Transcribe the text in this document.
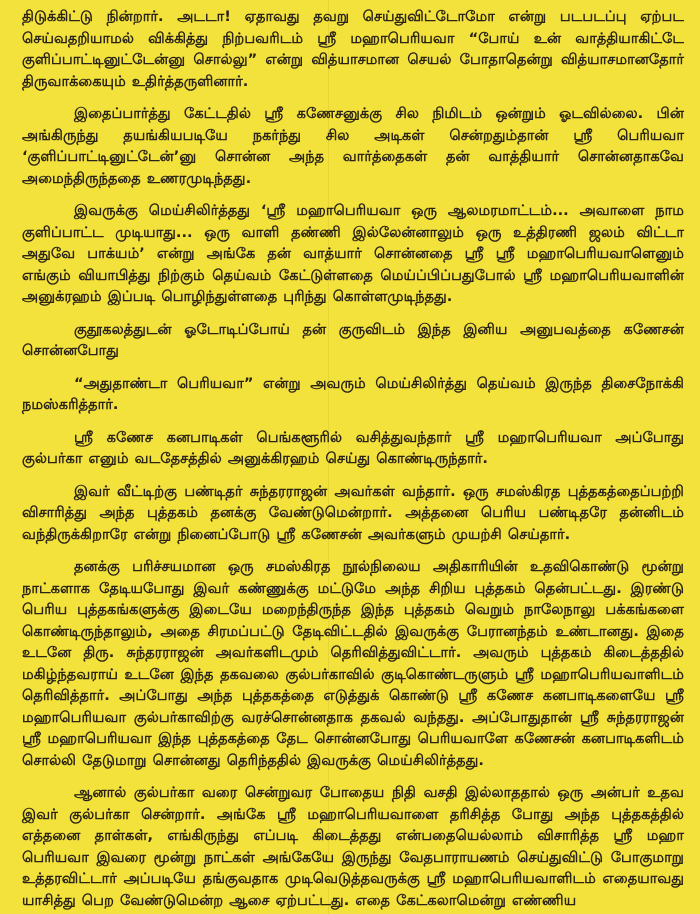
திடுக்கிட்டு நின்றார். அடடா! ஏதாவது தவறு செய்துவிட்டோமோ என்று படபடப்பு ஏற்பட செய்வதறியாமல் விக்கித்து நிற்பவரிடம் ஸ்ரீ மஹாபெரியவா “போய் உன் வாத்தியாகிட்டே குளிப்பாட்டினுட்டேன்னு சொல்லு” என்று வித்யாசமான செயல் போதாதென்று வித்யாசமானதோர் திருவாக்கையும் உதிர்த்தருளினார்.

இதைப்பார்த்து கேட்டதில் ஸ்ரீ கணேசனுக்கு சில நிமிடம் ஒன்றும் ஓடவில்லை. பின் அங்கிருந்து தயங்கியபடியே நகர்ந்து சில அடிகள் சென்றதும்தான் ஸ்ரீ பெரியவா ‘குளிப்பாட்டினுட்டேன்’னு சொன்ன அந்த வார்த்தைகள் தன் வாத்தியார் சொன்னதாகவே அமைந்திருந்ததை உணரமுடிந்தது.

இவருக்கு மெய்சிலிர்த்தது ‘ஸ்ரீ மஹாபெரியவா ஒரு ஆலமரமாட்டம்... அவாளை நாம குளிப்பாட்ட முடியாது... ஒரு வாளி தண்ணி இல்லேன்னாலும் ஒரு உத்திரணி ஜலம் விட்டா அதுவே பாக்யம்’ என்று அங்கே தன் வாத்யார் சொன்னதை ஸ்ரீ ஸ்ரீ மஹாபெரியவாளெனும் எங்கும் வியாபித்து நிற்கும் தெய்வம் கேட்டுள்ளதை மெய்ப்பிப்பதுபோல் ஸ்ரீ மஹாபெரியவாளின் அனுக்ரஹம் இப்படி பொழிந்துள்ளதை புரிந்து கொள்ளமுடிந்தது.

குதூகலத்துடன் ஓடோடிப்போய் தன் குருவிடம் இந்த இனிய அனுபவத்தை கணேசன் சொன்னபோது

“அதுதாண்டா பெரியவா” என்று அவரும் மெய்சிலிர்த்து தெய்வம் இருந்த திசைநோக்கி நமஸ்கரித்தார்.

ஸ்ரீ கணேச கனபாடிகள் பெங்களூரில் வசித்துவந்தார் ஸ்ரீ மஹாபெரியவா அப்போது குல்பர்கா எனும் வடதேசத்தில் அனுக்கிரஹம் செய்து கொண்டிருந்தார்.

இவர் வீட்டிற்கு பண்டிதர் சுந்தரராஜன் அவர்கள் வந்தார். ஒரு சமஸ்கிரத புத்தகத்தைப்பற்றி விசாரித்து அந்த புத்தகம் தனக்கு வேண்டுமென்றார். அத்தனை பெரிய பண்டிதரே தன்னிடம் வந்திருக்கிறாரே என்று நினைப்போடு ஸ்ரீ கணேசன் அவர்களும் முயற்சி செய்தார்.

தனக்கு பரிச்சயமான ஒரு சமஸ்கிரத நூல்நிலைய அதிகாரியின் உதவிகொண்டு மூன்று நாட்களாக தேடியபோது இவர் கண்ணுக்கு மட்டுமே அந்த சிறிய புத்தகம் தென்பட்டது. இரண்டு பெரிய புத்தகங்களுக்கு இடையே மறைந்திருந்த இந்த புத்தகம் வெறும் நாலேநாலு பக்கங்களை கொண்டிருந்தாலும், அதை சிரமப்பட்டு தேடிவிட்டதில் இவருக்கு பேரானந்தம் உண்டானது. இதை உடனே திரு. சுந்தரராஜன் அவர்களிடமும் தெரிவித்துவிட்டார். அவரும் புத்தகம் கிடைத்ததில் மகிழ்ந்தவராய் உடனே இந்த தகவலை குல்பர்காவில் குடிகொண்டருளும் ஸ்ரீ மஹாபெரியவாளிடம் தெரிவித்தார். அப்போது அந்த புத்தகத்தை எடுத்துக் கொண்டு ஸ்ரீ கணேச கனபாடிகளையே ஸ்ரீ மஹாபெரியவா குல்பர்காவிற்கு வரச்சொன்னதாக தகவல் வந்தது. அப்போதுதான் ஸ்ரீ சுந்தரராஜன் ஸ்ரீ மஹாபெரியவா இந்த புத்தகத்தை தேட சொன்னபோது பெரியவாளே கணேசன் கனபாடிகளிடம் சொல்லி தேடுமாறு சொன்னது தெரிந்ததில் இவருக்கு மெய்சிலிர்த்தது.

ஆனால் குல்பர்கா வரை சென்றுவர போதைய நிதி வசதி இல்லாததால் ஒரு அன்பர் உதவ இவர் குல்பர்கா சென்றார். அங்கே ஸ்ரீ மஹாபெரியவாளை தரிசித்த போது அந்த புத்தகத்தில் எத்தனை தாள்கள், எங்கிருந்து எப்படி கிடைத்தது என்பதையெல்லாம் விசாரித்த ஸ்ரீ மஹா பெரியவா இவரை மூன்று நாட்கள் அங்கேயே இருந்து வேதபாராயணம் செய்துவிட்டு போகுமாறு உத்தரவிட்டார் அப்படியே தங்குவதாக முடிவெடுத்தவருக்கு ஸ்ரீ மஹாபெரியவாளிடம் எதையாவது யாசித்து பெற வேண்டுமென்ற ஆசை ஏற்பட்டது. எதை கேட்கலாமென்று எண்ணிய
